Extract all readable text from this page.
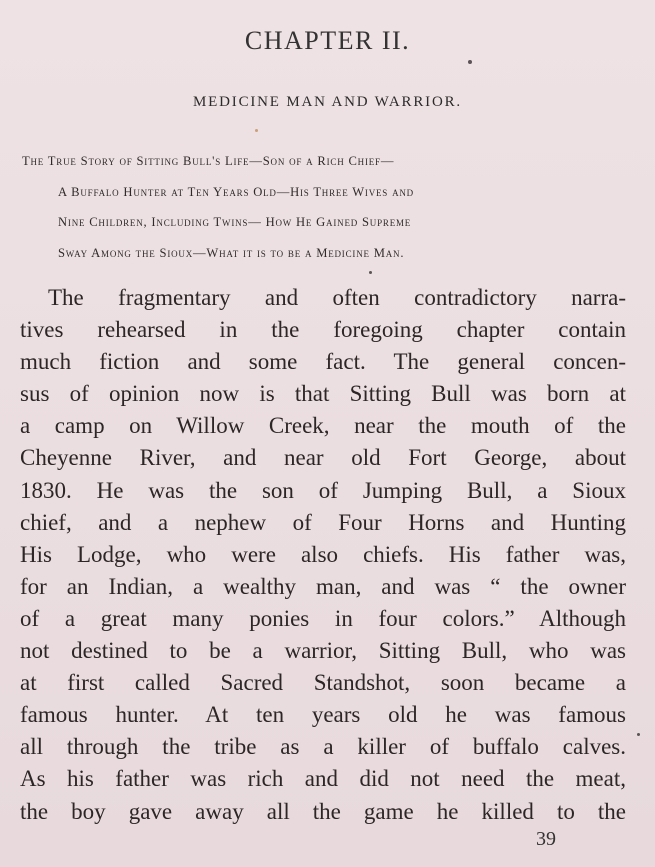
CHAPTER II.
MEDICINE MAN AND WARRIOR.
The True Story of Sitting Bull's Life—Son of a Rich Chief—
A Buffalo Hunter at Ten Years Old—His Three Wives and
Nine Children, Including Twins— How He Gained Supreme
Sway Among the Sioux—What it is to be a Medicine Man.
The fragmentary and often contradictory narra-
tives rehearsed in the foregoing chapter contain
much fiction and some fact. The general concen-
sus of opinion now is that Sitting Bull was born at
a camp on Willow Creek, near the mouth of the
Cheyenne River, and near old Fort George, about
1830. He was the son of Jumping Bull, a Sioux
chief, and a nephew of Four Horns and Hunting
His Lodge, who were also chiefs. His father was,
for an Indian, a wealthy man, and was “ the owner
of a great many ponies in four colors.” Although
not destined to be a warrior, Sitting Bull, who was
at first called Sacred Standshot, soon became a
famous hunter. At ten years old he was famous
all through the tribe as a killer of buffalo calves.
As his father was rich and did not need the meat,
the boy gave away all the game he killed to the
39
